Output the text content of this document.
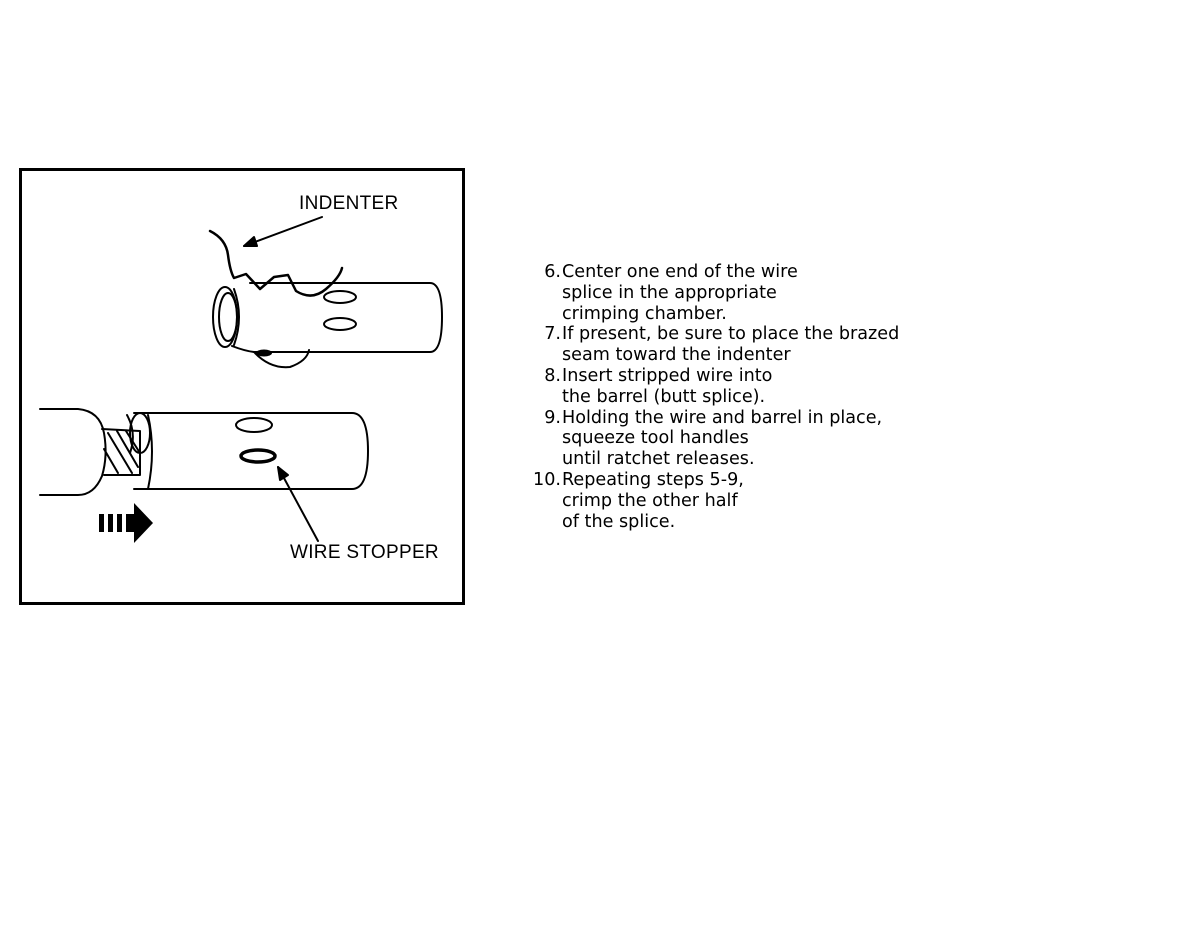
INDENTER
WIRE STOPPER
6. Center one end of the wire
splice in the appropriate
crimping chamber.
7. If present, be sure to place the brazed
seam toward the indenter
8. Insert stripped wire into
the barrel (butt splice).
9. Holding the wire and barrel in place,
squeeze tool handles
until ratchet releases.
10. Repeating steps 5-9,
crimp the other half
of the splice.
